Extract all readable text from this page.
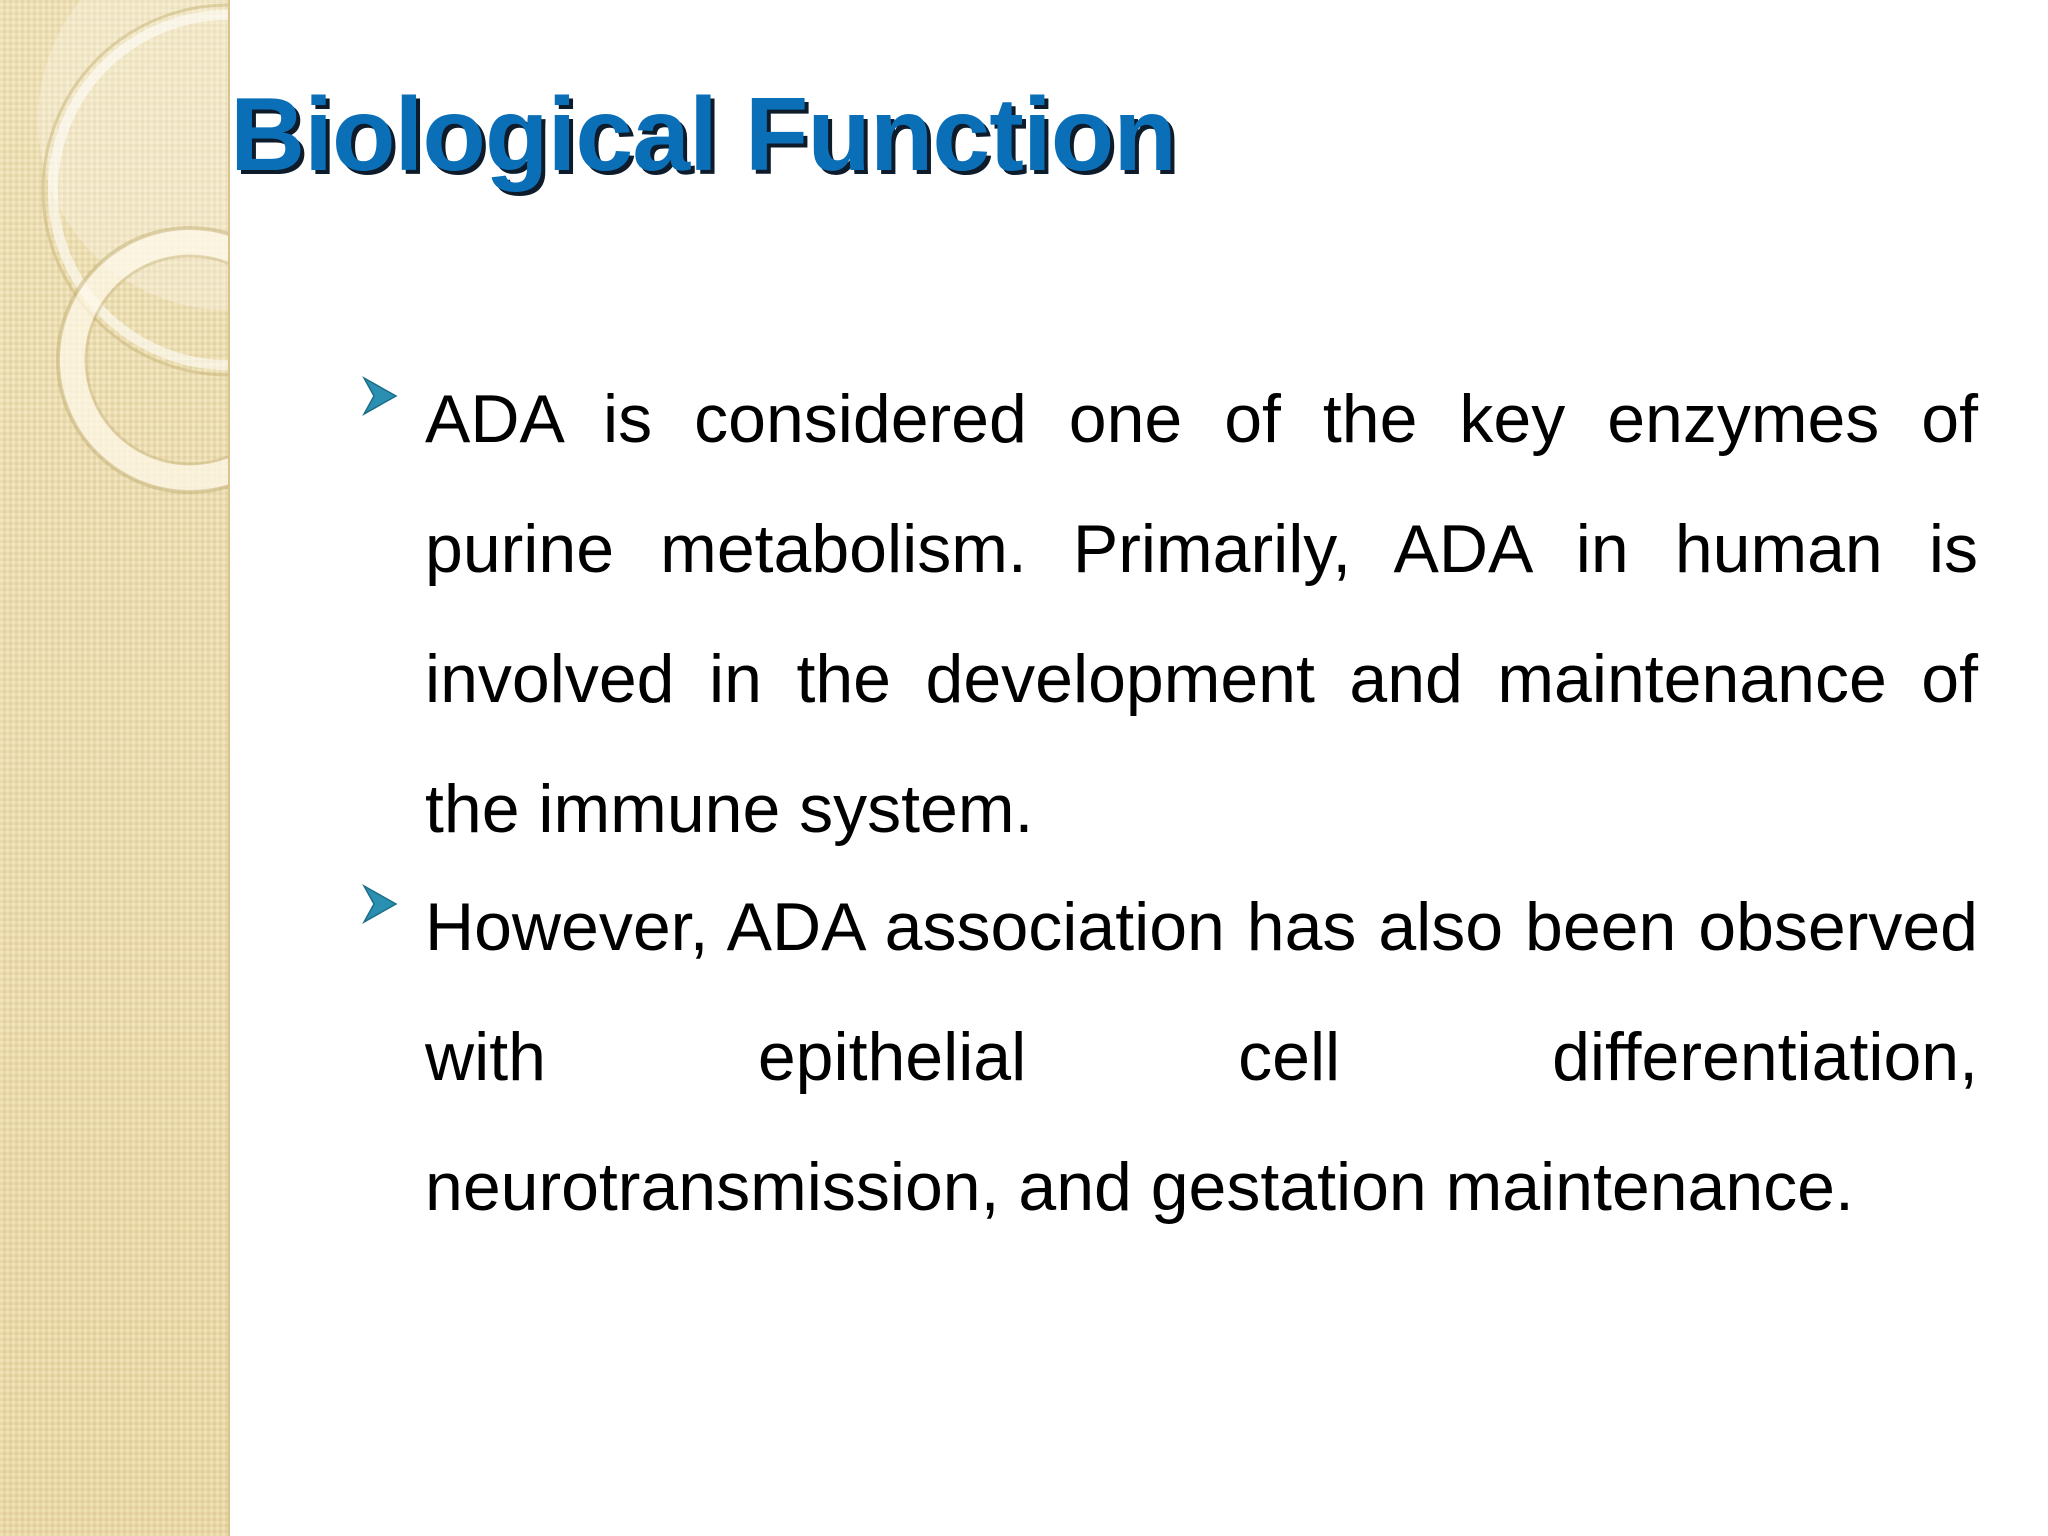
Biological Function

ADA is considered one of the key enzymes of purine metabolism. Primarily, ADA in human is involved in the development and maintenance of the immune system.

However, ADA association has also been observed with epithelial cell differentiation, neurotransmission, and gestation maintenance.
